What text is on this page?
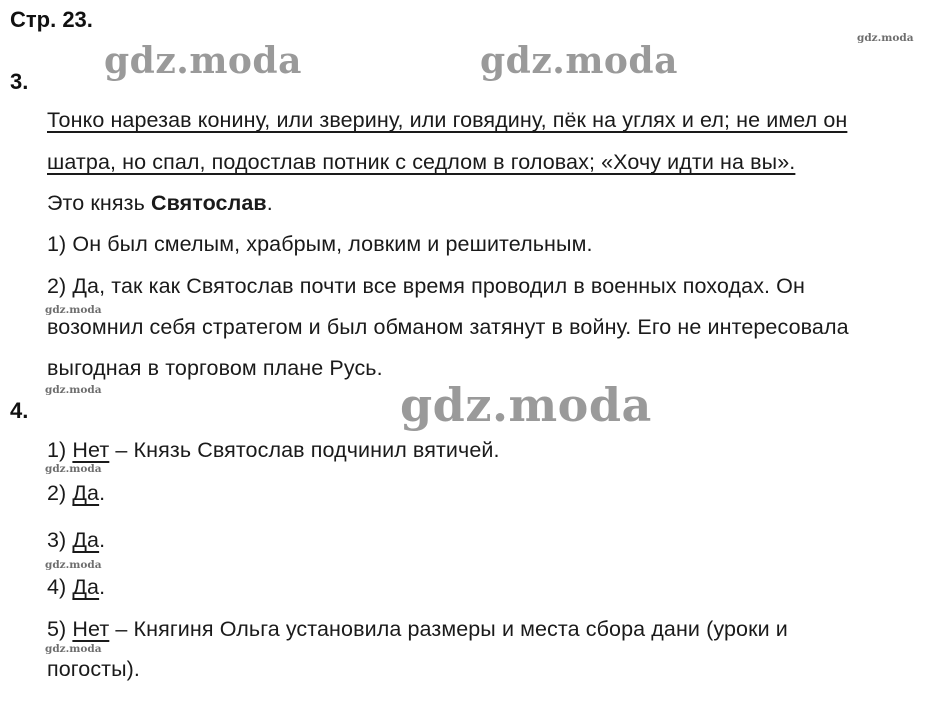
Стр. 23.
gdz.moda	gdz.moda
gdz.moda
gdz.moda
gdz.moda
gdz.moda
gdz.moda
gdz.moda
gdz.moda
3.
Тонко нарезав конину, или зверину, или говядину, пёк на углях и ел; не имел он
шатра, но спал, подостлав потник с седлом в головах; «Хочу идти на вы».
Это князь Святослав.
1) Он был смелым, храбрым, ловким и решительным.
2) Да, так как Святослав почти все время проводил в военных походах. Он
возомнил себя стратегом и был обманом затянут в войну. Его не интересовала
выгодная в торговом плане Русь.
4.
1) Нет – Князь Святослав подчинил вятичей.
2) Да.
3) Да.
4) Да.
5) Нет – Княгиня Ольга установила размеры и места сбора дани (уроки и
погосты).
